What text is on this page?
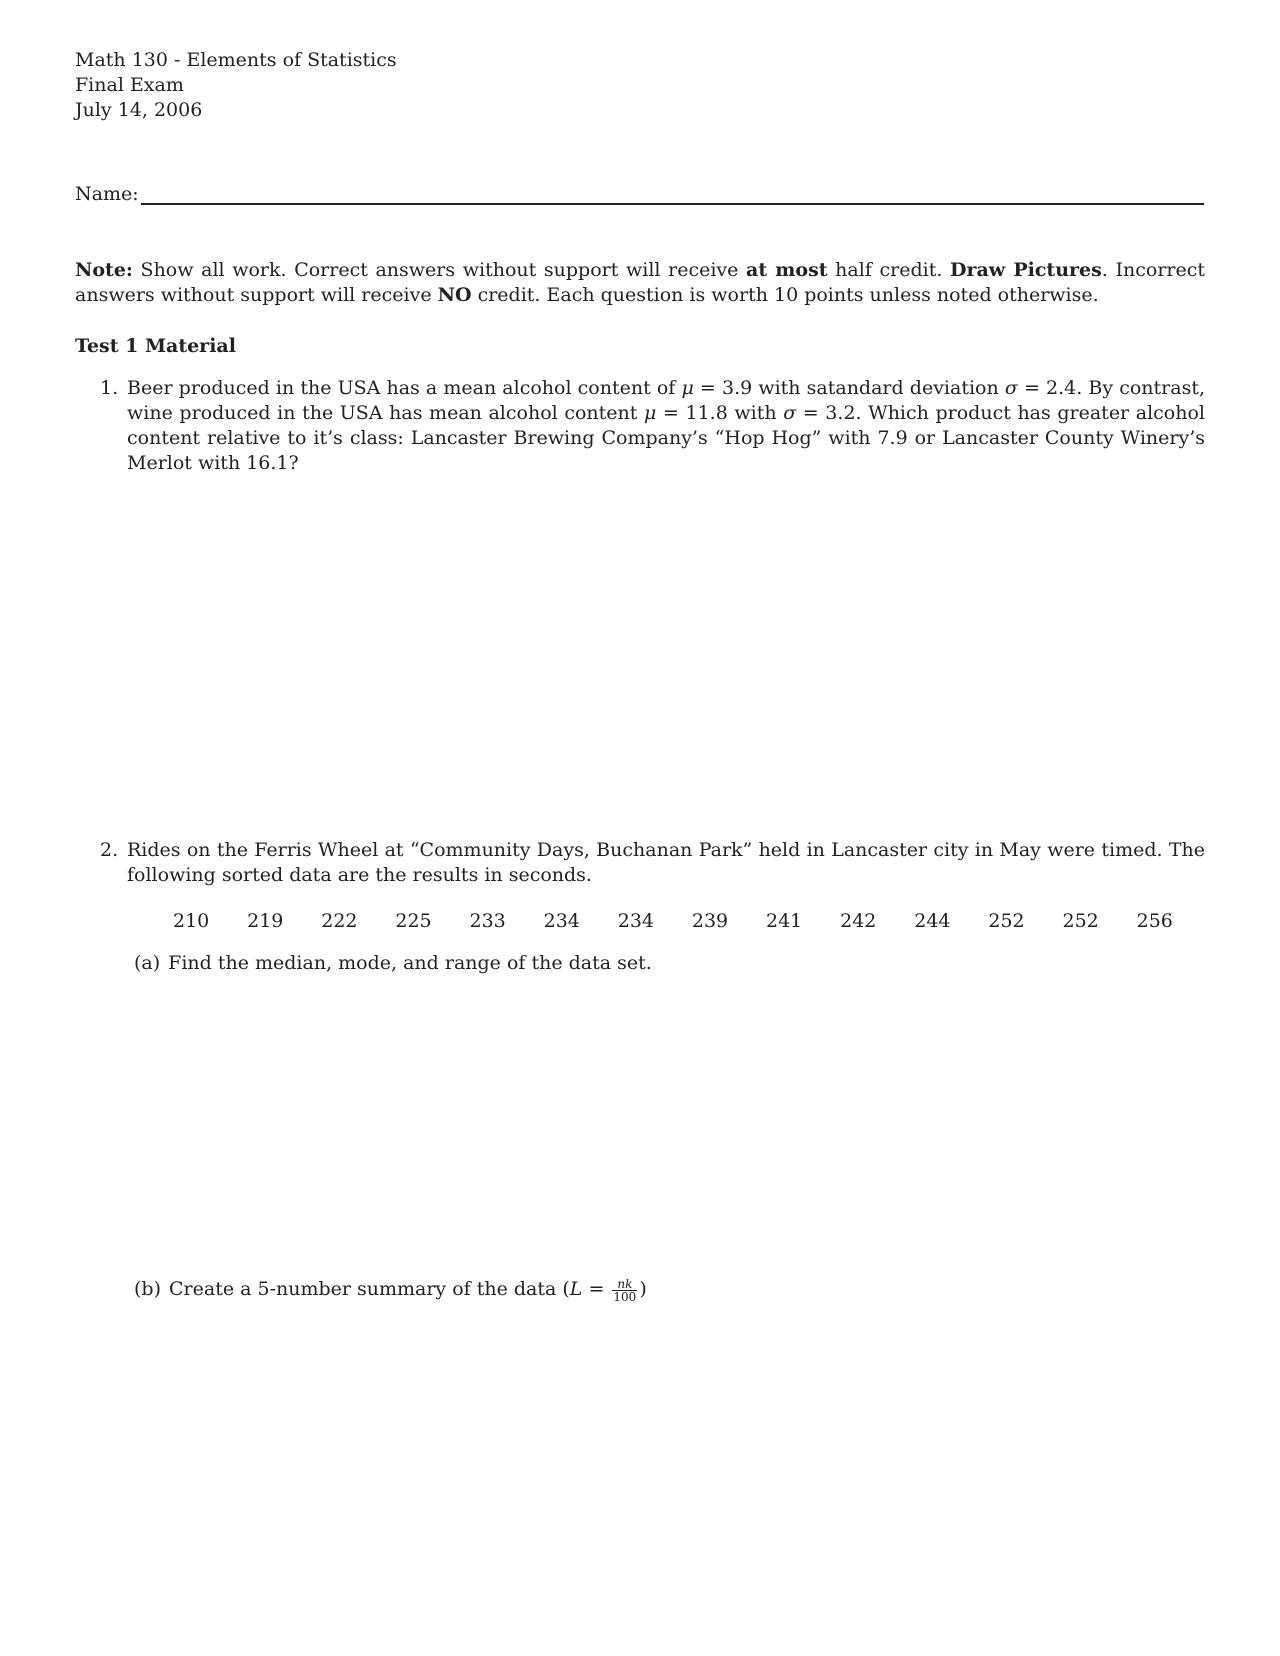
Math 130 - Elements of Statistics
Final Exam
July 14, 2006
Name:
Note: Show all work. Correct answers without support will receive at most half credit. Draw Pictures. Incorrect answers without support will receive NO credit. Each question is worth 10 points unless noted otherwise.
Test 1 Material
1. Beer produced in the USA has a mean alcohol content of μ = 3.9 with satandard deviation σ = 2.4. By contrast, wine produced in the USA has mean alcohol content μ = 11.8 with σ = 3.2. Which product has greater alcohol content relative to it’s class: Lancaster Brewing Company’s “Hop Hog” with 7.9 or Lancaster County Winery’s Merlot with 16.1?
2. Rides on the Ferris Wheel at “Community Days, Buchanan Park” held in Lancaster city in May were timed. The following sorted data are the results in seconds.
210 219 222 225 233 234 234 239 241 242 244 252 252 256
(a) Find the median, mode, and range of the data set.
(b) Create a 5-number summary of the data ($L = \frac{nk}{100}$ )
